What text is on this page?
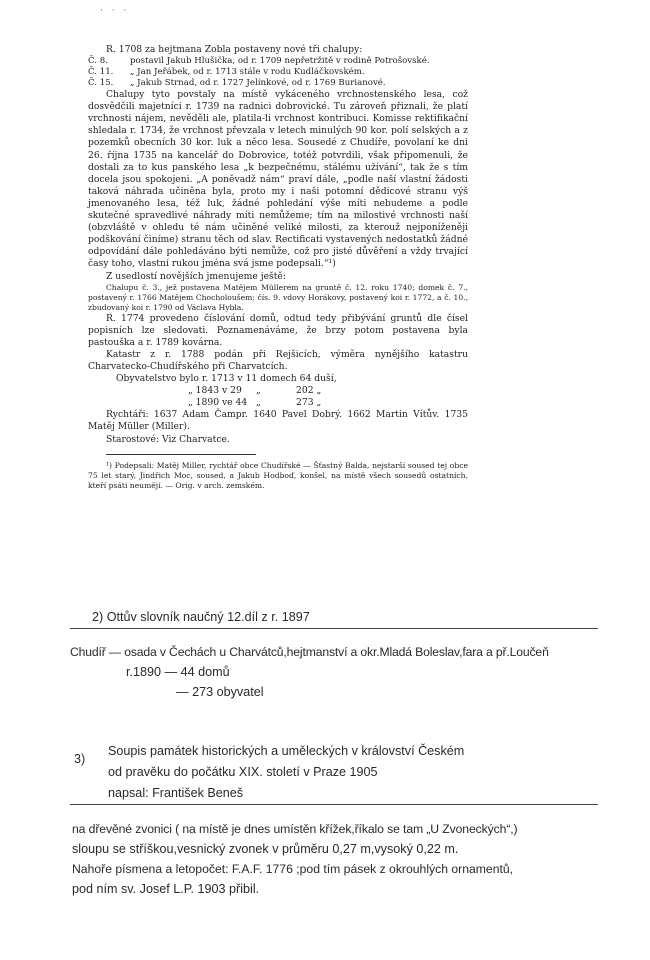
· · ·

R. 1708 za hejtmana Zobla postaveny nové tři chalupy:

Č. 8.	postavil Jakub Hlušička, od r. 1709 nepřetržitě v rodině Potrošovské.
Č. 11.	„ Jan Jeřábek, od r. 1713 stále v rodu Kudláčkovském.
Č. 15.	„ Jakub Strnad, od r. 1727 Jelínkové, od r. 1769 Burianové.

Chalupy tyto povstaly na místě vykáceného vrchnostenského lesa, což dosvědčili majetníci r. 1739 na radnici dobrovické. Tu zároveň přiznali, že platí vrchnosti nájem, nevěděli ale, platila-li vrchnost kontribuci. Komisse rektifikační shledala r. 1734, že vrchnost převzala v letech minulých 90 kor. polí selských a z pozemků obecních 30 kor. luk a něco lesa. Sousedé z Chudíře, povolaní ke dni 26. října 1735 na kancelář do Dobrovice, totéž potvrdili, však připomenuli, že dostali za to kus panského lesa „k bezpečnému, stálému užívání“, tak že s tím docela jsou spokojeni. „A poněvadž nám“ praví dále, „podle naší vlastní žádosti taková náhrada učiněna byla, proto my i naši potomní dědicové stranu výš jmenovaného lesa, též luk, žádné pohledání výše míti nebudeme a podle skutečné spravedlivé náhrady míti nemůžeme; tím na milostivé vrchnosti naší (obzvláště v ohledu té nám učiněné veliké milosti, za kterouž nejponíženěji podškování činíme) stranu těch od slav. Rectificati vystavených nedostatků žádné odpovídání dále pohledáváno býti nemůže, což pro jisté důvěření a vždy trvající časy toho, vlastní rukou jména svá jsme podepsali.“¹)

Z usedlostí novějších jmenujeme ještě:

Chalupu č. 3., jež postavena Matějem Müllerem na gruntě č. 12. roku 1740; domek č. 7., postavený r. 1766 Matějem Chocholoušem; čís. 9. vdovy Horákovy, postavený koi r. 1772, a č. 10., zbudovaný koi r. 1790 od Václava Hybla.

R. 1774 provedeno číslování domů, odtud tedy přibývání gruntů dle čísel popisních lze sledovati. Poznamenáváme, že brzy potom postavena byla pastouška a r. 1789 kovárna.

Katastr z r. 1788 podán při Rejšicích, výměra nynějšího katastru Charvatecko-Chudířského při Charvatcích.

Obyvatelstvo bylo r. 1713 v 11 domech 64 duší,
„ 1843 v 29	„	202 „
„ 1890 ve 44 „	273 „

Rychtáři: 1637 Adam Čampr. 1640 Pavel Dobrý. 1662 Martin Vítův. 1735 Matěj Müller (Miller).

Starostové: Viz Charvatce.

¹) Podepsali: Matěj Miller, rychtář obce Chudířské — Šťastný Balda, nejstarší soused tej obce 75 let starý, Jindřich Moc, soused, a Jakub Hodboď, konšel, na místě všech sousedů ostatních, kteří psáti neumějí. — Orig. v arch. zemském.

2) Ottův slovník naučný 12.díl z r. 1897
Chudíř — osada v Čechách u Charvátců,hejtmanství a okr.Mladá Boleslav,fara a př.Loučeň
r.1890 — 44 domů
— 273 obyvatel
3)
Soupis památek historických a uměleckých v království Českém
od pravěku do počátku XIX. století v Praze 1905
napsal: František Beneš
na dřevěné zvonici ( na místě je dnes umístěn křížek,říkalo se tam „U Zvoneckých“,)
sloupu se stříškou,vesnický zvonek v průměru 0,27 m,vysoký 0,22 m.
Nahoře písmena a letopočet: F.A.F. 1776 ;pod tím pásek z okrouhlých ornamentů,
pod ním sv. Josef L.P. 1903 přibil.
